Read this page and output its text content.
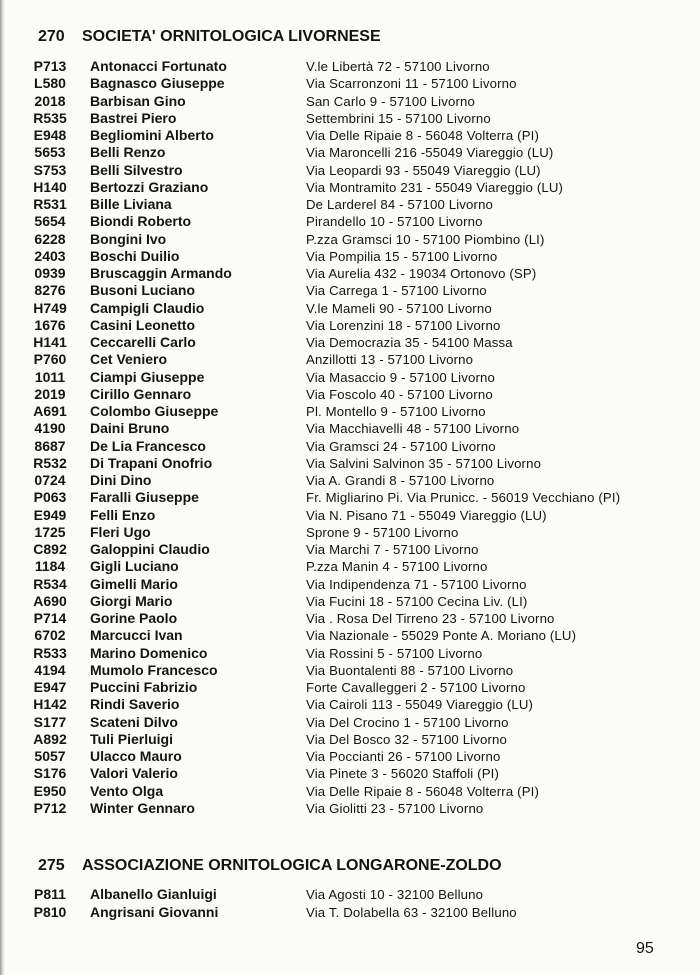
270 SOCIETA' ORNITOLOGICA LIVORNESE
P713	Antonacci Fortunato	V.le Libertà 72 - 57100 Livorno
L580	Bagnasco Giuseppe	Via Scarronzoni 11 - 57100 Livorno
2018	Barbisan Gino	San Carlo 9 - 57100 Livorno
R535	Bastrei Piero	Settembrini 15 - 57100 Livorno
E948	Begliomini Alberto	Via Delle Ripaie 8 - 56048 Volterra (PI)
5653	Belli Renzo	Via Maroncelli 216 -55049 Viareggio (LU)
S753	Belli Silvestro	Via Leopardi 93 - 55049 Viareggio (LU)
H140	Bertozzi Graziano	Via Montramito 231 - 55049 Viareggio (LU)
R531	Bille Liviana	De Larderel 84 - 57100 Livorno
5654	Biondi Roberto	Pirandello 10 - 57100 Livorno
6228	Bongini Ivo	P.zza Gramsci 10 - 57100 Piombino (LI)
2403	Boschi Duilio	Via Pompilia 15 - 57100 Livorno
0939	Bruscaggin Armando	Via Aurelia 432 - 19034 Ortonovo (SP)
8276	Busoni Luciano	Via Carrega 1 - 57100 Livorno
H749	Campigli Claudio	V.le Mameli 90 - 57100 Livorno
1676	Casini Leonetto	Via Lorenzini 18 - 57100 Livorno
H141	Ceccarelli Carlo	Via Democrazia 35 - 54100 Massa
P760	Cet Veniero	Anzillotti 13 - 57100 Livorno
1011	Ciampi Giuseppe	Via Masaccio 9 - 57100 Livorno
2019	Cirillo Gennaro	Via Foscolo 40 - 57100 Livorno
A691	Colombo Giuseppe	Pl. Montello 9 - 57100 Livorno
4190	Daini Bruno	Via Macchiavelli 48 - 57100 Livorno
8687	De Lia Francesco	Via Gramsci 24 - 57100 Livorno
R532	Di Trapani Onofrio	Via Salvini Salvinon 35 - 57100 Livorno
0724	Dini Dino	Via A. Grandi 8 - 57100 Livorno
P063	Faralli Giuseppe	Fr. Migliarino Pi. Via Prunicc. - 56019 Vecchiano (PI)
E949	Felli Enzo	Via N. Pisano 71 - 55049 Viareggio (LU)
1725	Fleri Ugo	Sprone 9 - 57100 Livorno
C892	Galoppini Claudio	Via Marchi 7 - 57100 Livorno
1184	Gigli Luciano	P.zza Manin 4 - 57100 Livorno
R534	Gimelli Mario	Via Indipendenza 71 - 57100 Livorno
A690	Giorgi Mario	Via Fucini 18 - 57100 Cecina Liv. (LI)
P714	Gorine Paolo	Via . Rosa Del Tirreno 23 - 57100 Livorno
6702	Marcucci Ivan	Via Nazionale - 55029 Ponte A. Moriano (LU)
R533	Marino Domenico	Via Rossini 5 - 57100 Livorno
4194	Mumolo Francesco	Via Buontalenti 88 - 57100 Livorno
E947	Puccini Fabrizio	Forte Cavalleggeri 2 - 57100 Livorno
H142	Rindi Saverio	Via Cairoli 113 - 55049 Viareggio (LU)
S177	Scateni Dilvo	Via Del Crocino 1 - 57100 Livorno
A892	Tuli Pierluigi	Via Del Bosco 32 - 57100 Livorno
5057	Ulacco Mauro	Via Poccianti 26 - 57100 Livorno
S176	Valori Valerio	Via Pinete 3 - 56020 Staffoli (PI)
E950	Vento Olga	Via Delle Ripaie 8 - 56048 Volterra (PI)
P712	Winter Gennaro	Via Giolitti 23 - 57100 Livorno
275 ASSOCIAZIONE ORNITOLOGICA LONGARONE-ZOLDO
P811	Albanello Gianluigi	Via Agosti 10 - 32100 Belluno
P810	Angrisani Giovanni	Via T. Dolabella 63 - 32100 Belluno
95
